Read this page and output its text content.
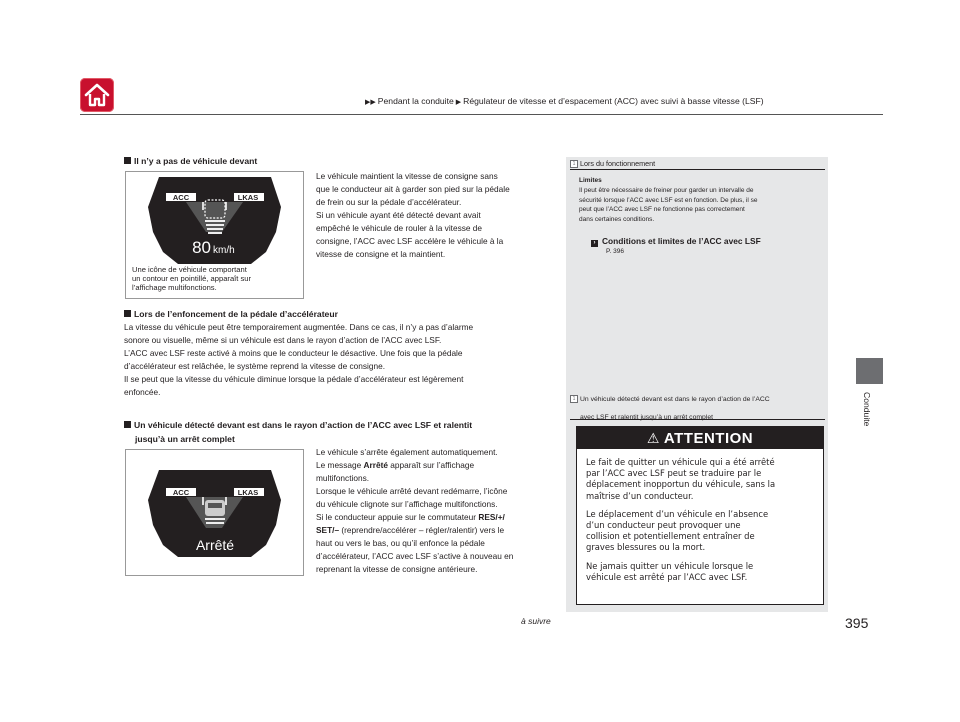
▶▶ Pendant la conduite ▶ Régulateur de vitesse et d’espacement (ACC) avec suivi à basse vitesse (LSF)
Conduite
Il n’y a pas de véhicule devant
ACC	LKAS
80 km/h
Une icône de véhicule comportant
un contour en pointillé, apparaît sur
l’affichage multifonctions.
Le véhicule maintient la vitesse de consigne sans
que le conducteur ait à garder son pied sur la pédale
de frein ou sur la pédale d’accélérateur.
Si un véhicule ayant été détecté devant avait
empêché le véhicule de rouler à la vitesse de
consigne, l’ACC avec LSF accélère le véhicule à la
vitesse de consigne et la maintient.
Lors de l’enfoncement de la pédale d’accélérateur
La vitesse du véhicule peut être temporairement augmentée. Dans ce cas, il n’y a pas d’alarme
sonore ou visuelle, même si un véhicule est dans le rayon d’action de l’ACC avec LSF.
L’ACC avec LSF reste activé à moins que le conducteur le désactive. Une fois que la pédale
d’accélérateur est relâchée, le système reprend la vitesse de consigne.
Il se peut que la vitesse du véhicule diminue lorsque la pédale d’accélérateur est légèrement
enfoncée.
Un véhicule détecté devant est dans le rayon d’action de l’ACC avec LSF et ralentit
jusqu’à un arrêt complet
ACC	LKAS
Arrêté
Le véhicule s’arrête également automatiquement.
Le message Arrêté apparaît sur l’affichage
multifonctions.
Lorsque le véhicule arrêté devant redémarre, l’icône
du véhicule clignote sur l’affichage multifonctions.
Si le conducteur appuie sur le commutateur RES/+/
SET/– (reprendre/accélérer – régler/ralentir) vers le
haut ou vers le bas, ou qu’il enfonce la pédale
d’accélérateur, l’ACC avec LSF s’active à nouveau en
reprenant la vitesse de consigne antérieure.
1 Lors du fonctionnement
Limites
Il peut être nécessaire de freiner pour garder un intervalle de
sécurité lorsque l’ACC avec LSF est en fonction. De plus, il se
peut que l’ACC avec LSF ne fonctionne pas correctement
dans certaines conditions.
› Conditions et limites de l’ACC avec LSF
P. 396
1 Un véhicule détecté devant est dans le rayon d’action de l’ACC
avec LSF et ralentit jusqu’à un arrêt complet
⚠ ATTENTION
Le fait de quitter un véhicule qui a été arrêté
par l’ACC avec LSF peut se traduire par le
déplacement inopportun du véhicule, sans la
maîtrise d’un conducteur.
Le déplacement d’un véhicule en l’absence
d’un conducteur peut provoquer une
collision et potentiellement entraîner de
graves blessures ou la mort.
Ne jamais quitter un véhicule lorsque le
véhicule est arrêté par l’ACC avec LSF.
à suivre	395
